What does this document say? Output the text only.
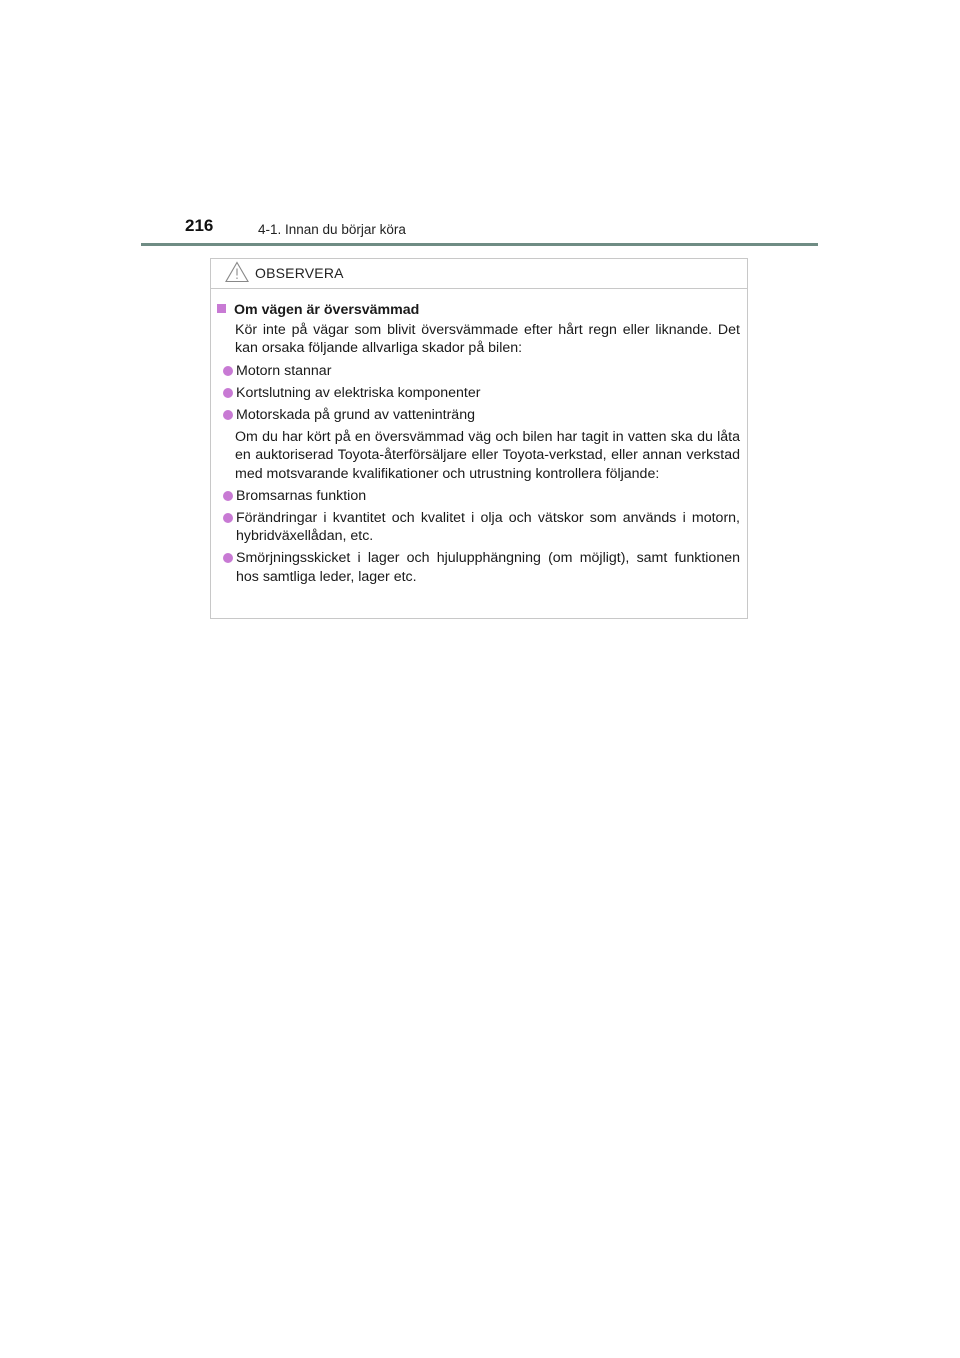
216	4-1. Innan du börjar köra
OBSERVERA
Om vägen är översvämmad
Kör inte på vägar som blivit översvämmade efter hårt regn eller liknande. Det kan orsaka följande allvarliga skador på bilen:
Motorn stannar
Kortslutning av elektriska komponenter
Motorskada på grund av vatteninträng
Om du har kört på en översvämmad väg och bilen har tagit in vatten ska du låta en auktoriserad Toyota-återförsäljare eller Toyota-verkstad, eller annan verkstad med motsvarande kvalifikationer och utrustning kontrollera följande:
Bromsarnas funktion
Förändringar i kvantitet och kvalitet i olja och vätskor som används i motorn, hybridväxellådan, etc.
Smörjningsskicket i lager och hjulupphängning (om möjligt), samt funktionen hos samtliga leder, lager etc.
